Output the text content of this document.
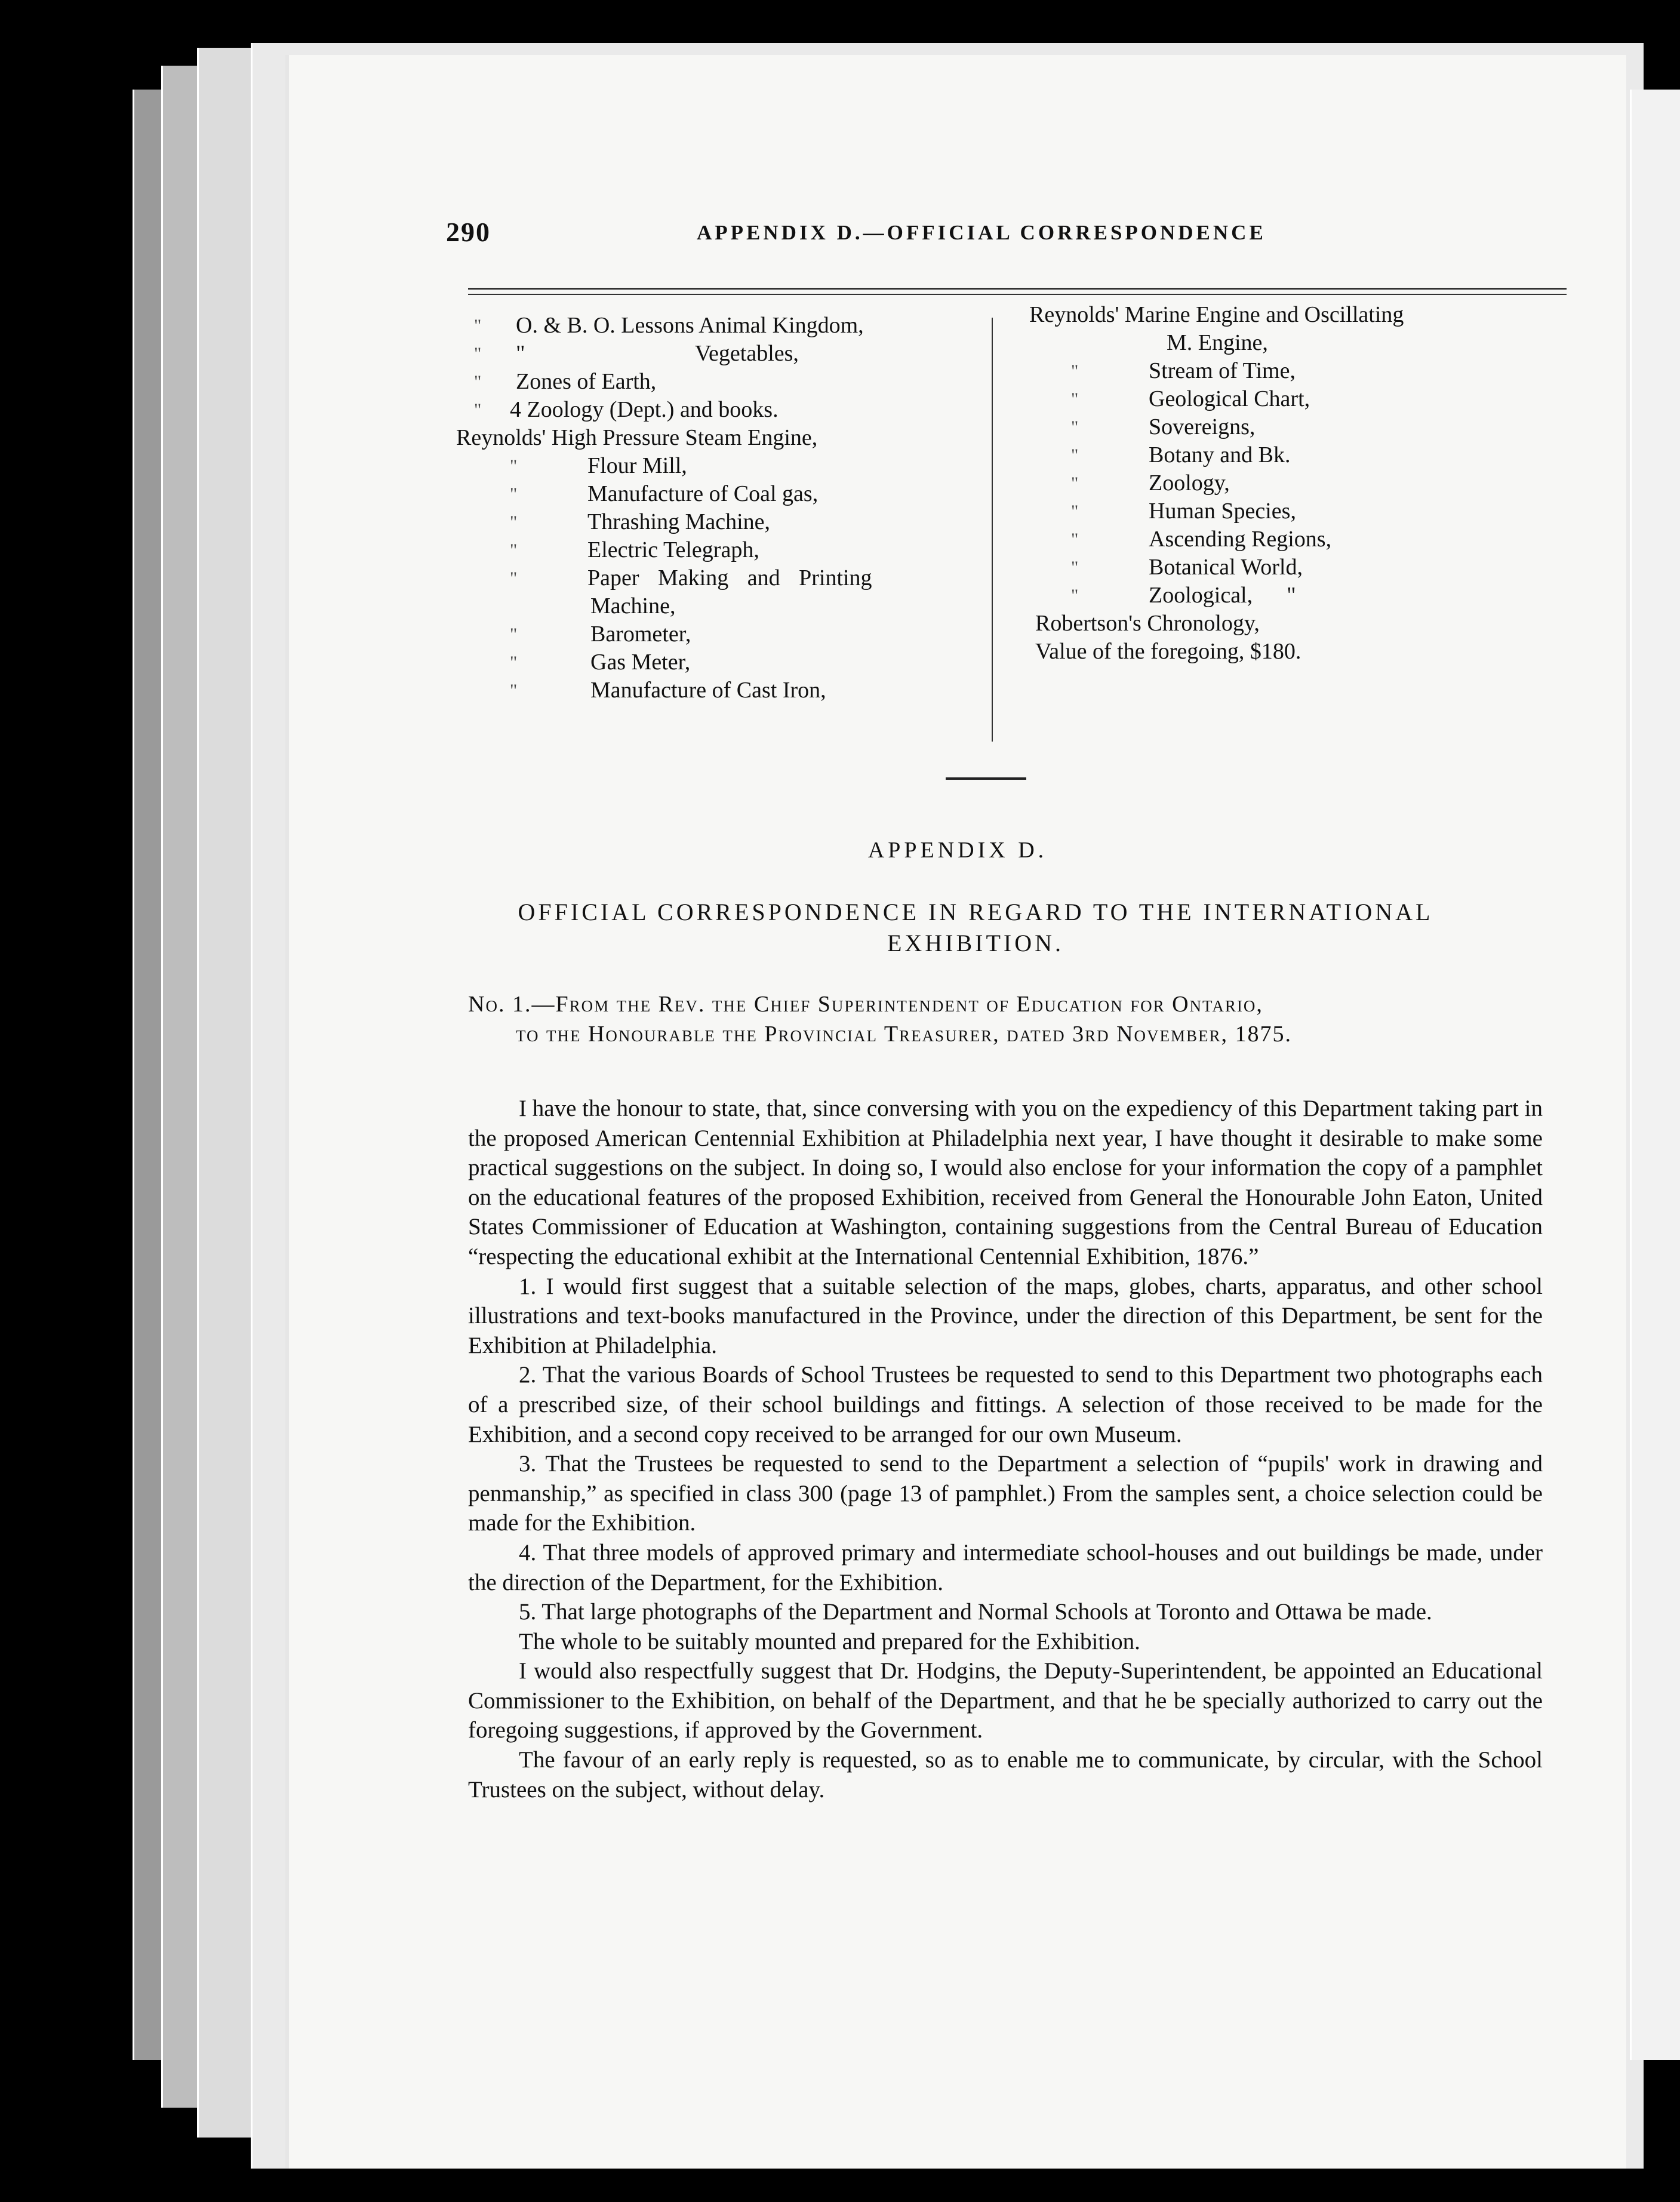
290	APPENDIX D.—OFFICIAL CORRESPONDENCE
" O. & B. O. Lessons Animal Kingdom,
" "                              Vegetables,
" Zones of Earth,
" 4 Zoology (Dept.) and books.
Reynolds' High Pressure Steam Engine,
"	Flour Mill,
"	Manufacture of Coal gas,
"	Thrashing Machine,
"	Electric Telegraph,
"	Paper Making and Printing
Machine,
"	Barometer,
"	Gas Meter,
"	Manufacture of Cast Iron,
Reynolds' Marine Engine and Oscillating
M. Engine,
"	Stream of Time,
"	Geological Chart,
"	Sovereigns,
"	Botany and Bk.
"	Zoology,
"	Human Species,
"	Ascending Regions,
"	Botanical World,
"	Zoological,      "
Robertson's Chronology,
Value of the foregoing, $180.
APPENDIX D.
OFFICIAL CORRESPONDENCE IN REGARD TO THE INTERNATIONAL
EXHIBITION.
No. 1.—From the Rev. the Chief Superintendent of Education for Ontario,
to the Honourable the Provincial Treasurer, dated 3rd November, 1875.

I have the honour to state, that, since conversing with you on the expediency of this Department taking part in the proposed American Centennial Exhibition at Philadelphia next year, I have thought it desirable to make some practical suggestions on the subject. In doing so, I would also enclose for your information the copy of a pamphlet on the educational features of the proposed Exhibition, received from General the Honourable John Eaton, United States Commissioner of Education at Washington, containing suggestions from the Central Bureau of Education “respecting the educational exhibit at the International Centennial Exhibition, 1876.”

1. I would first suggest that a suitable selection of the maps, globes, charts, apparatus, and other school illustrations and text-books manufactured in the Province, under the direction of this Department, be sent for the Exhibition at Philadelphia.

2. That the various Boards of School Trustees be requested to send to this Department two photographs each of a prescribed size, of their school buildings and fittings. A selection of those received to be made for the Exhibition, and a second copy received to be arranged for our own Museum.

3. That the Trustees be requested to send to the Department a selection of “pupils' work in drawing and penmanship,” as specified in class 300 (page 13 of pamphlet.) From the samples sent, a choice selection could be made for the Exhibition.

4. That three models of approved primary and intermediate school-houses and out buildings be made, under the direction of the Department, for the Exhibition.

5. That large photographs of the Department and Normal Schools at Toronto and Ottawa be made.

The whole to be suitably mounted and prepared for the Exhibition.

I would also respectfully suggest that Dr. Hodgins, the Deputy-Superintendent, be appointed an Educational Commissioner to the Exhibition, on behalf of the Department, and that he be specially authorized to carry out the foregoing suggestions, if approved by the Government.

The favour of an early reply is requested, so as to enable me to communicate, by circular, with the School Trustees on the subject, without delay.
